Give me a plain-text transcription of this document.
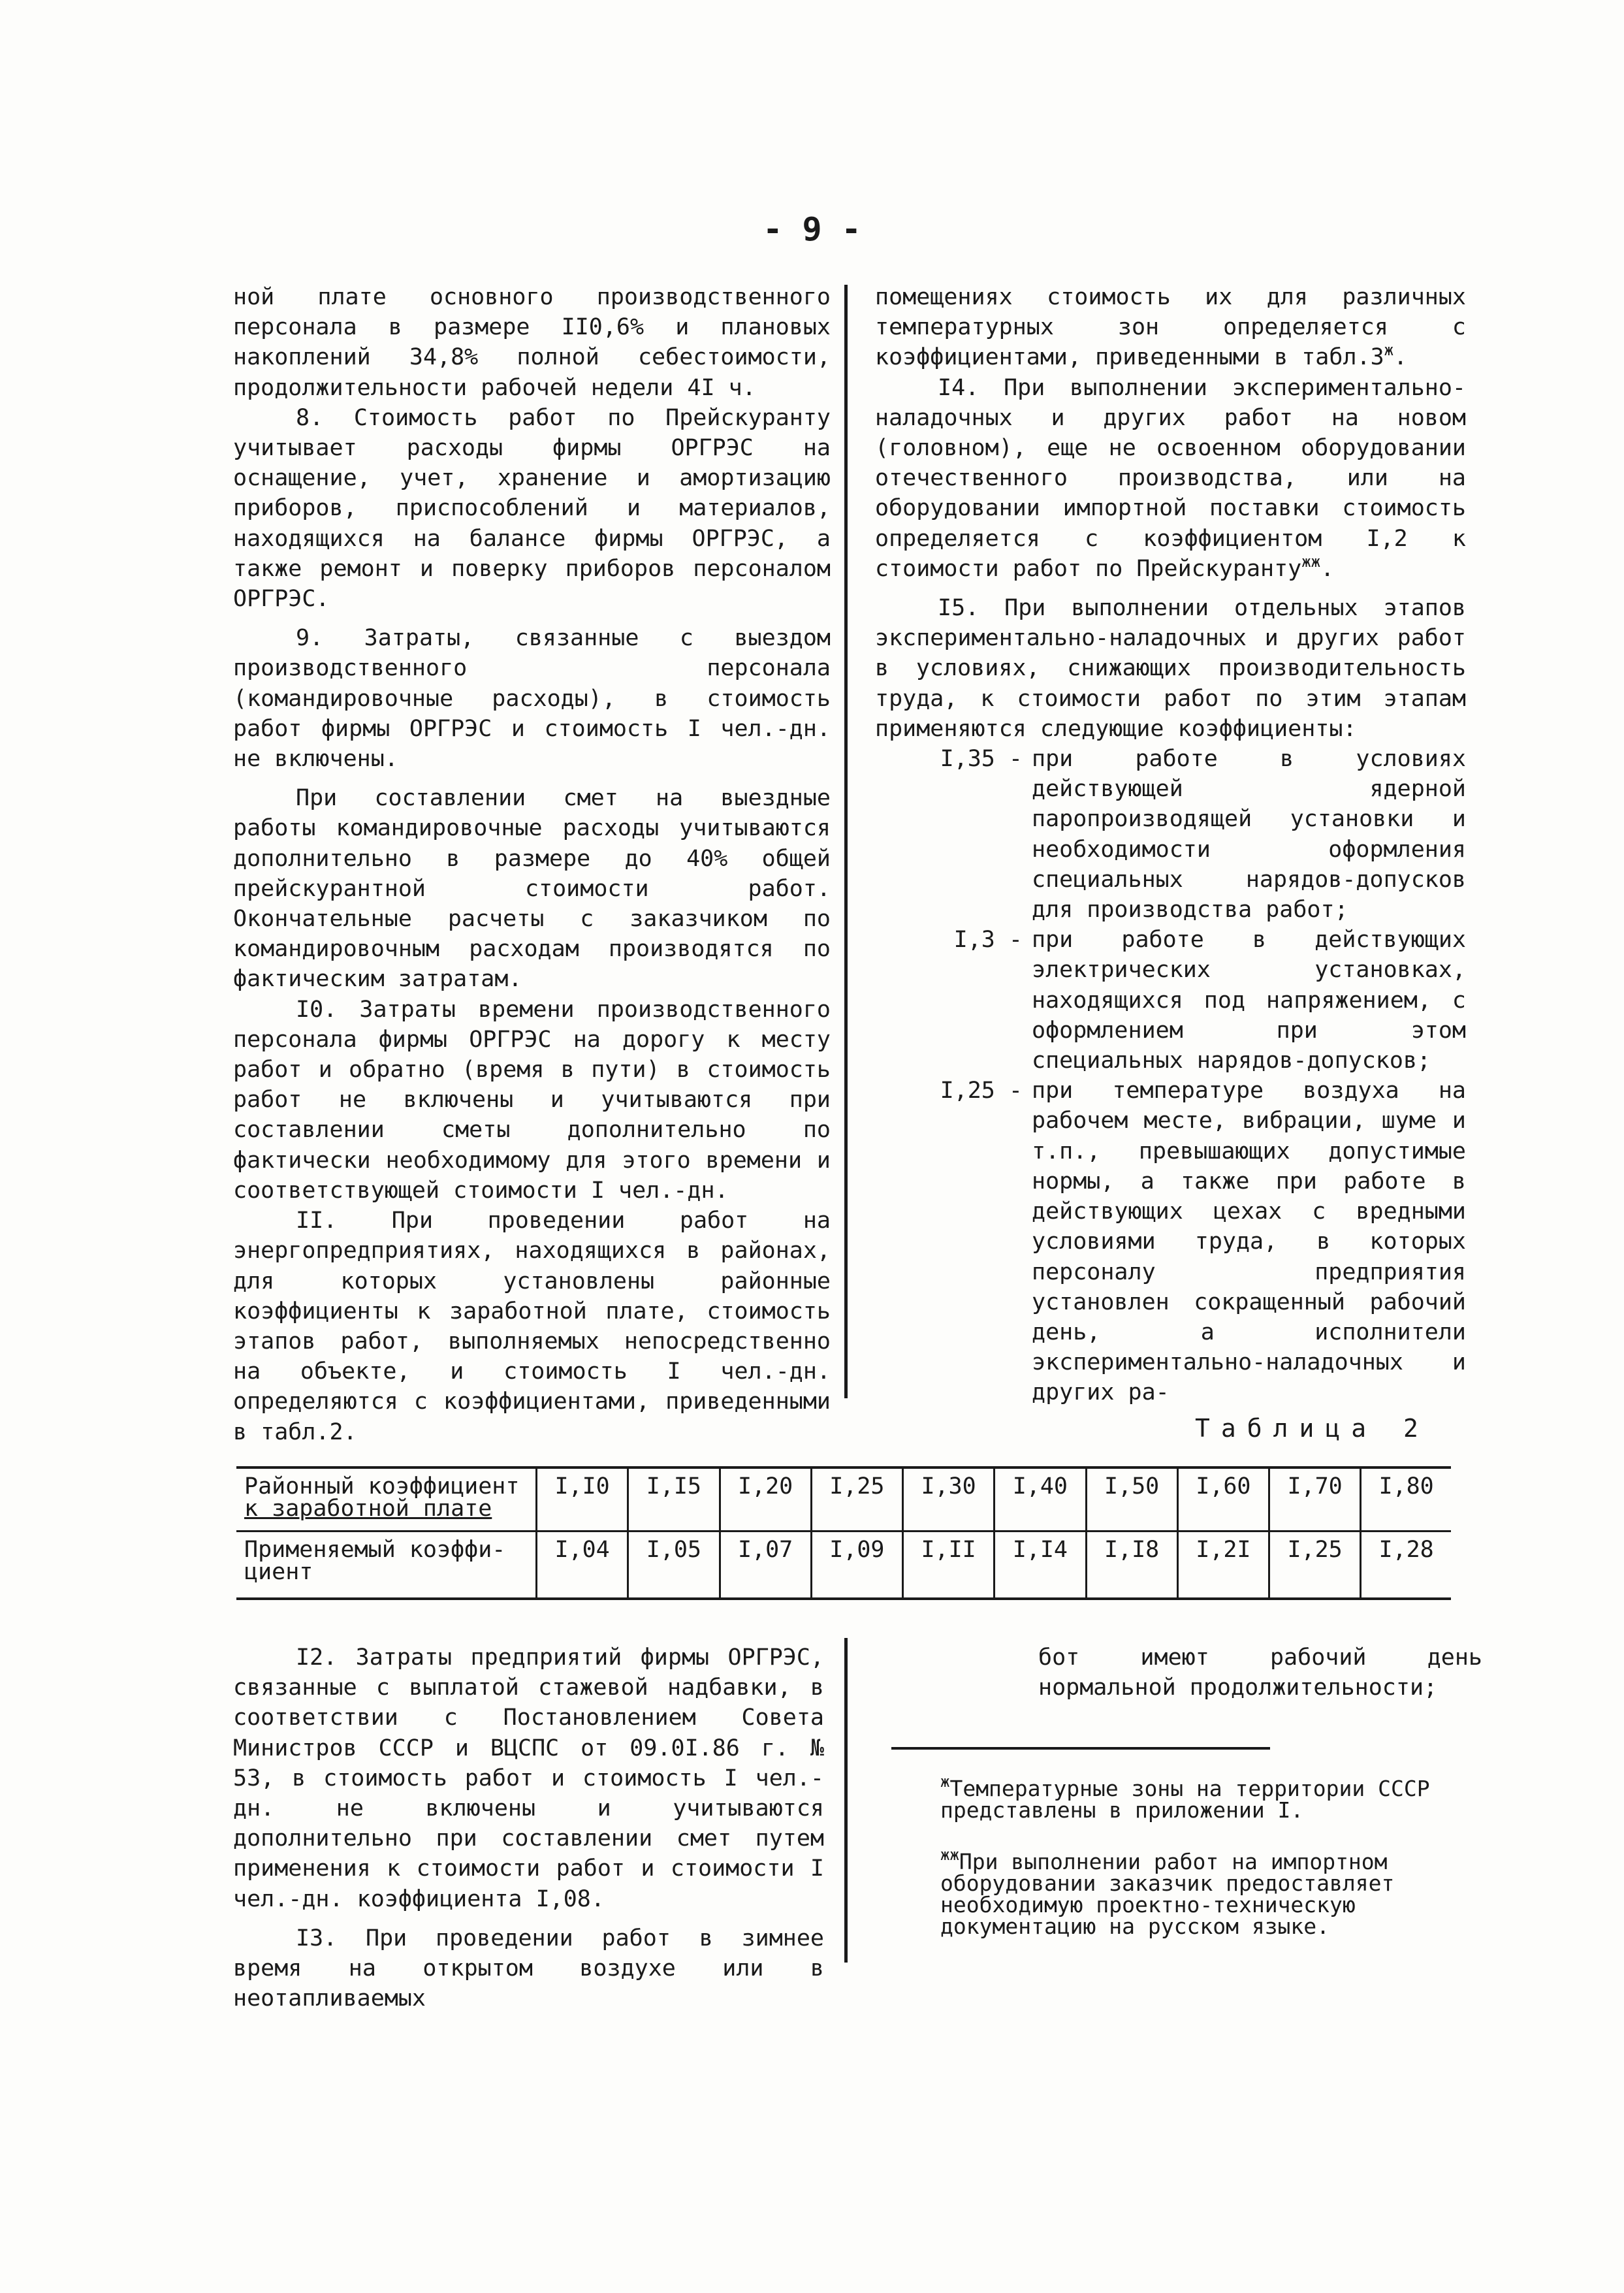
- 9 -

ной плате основного производственного персонала в размере II0,6% и плановых накоплений 34,8% полной себестоимости, продолжительности рабочей недели 4I ч.

8. Стоимость работ по Прейскуранту учитывает расходы фирмы ОРГРЭС на оснащение, учет, хранение и амортизацию приборов, приспособлений и материалов, находящихся на балансе фирмы ОРГРЭС, а также ремонт и поверку приборов персоналом ОРГРЭС.

9. Затраты, связанные с выездом производственного персонала (командировочные расходы), в стоимость работ фирмы ОРГРЭС и стоимость I чел.-дн. не включены.

При составлении смет на выездные работы командировочные расходы учитываются дополнительно в размере до 40% общей прейскурантной стоимости работ. Окончательные расчеты с заказчиком по командировочным расходам производятся по фактическим затратам.

I0. Затраты времени производственного персонала фирмы ОРГРЭС на дорогу к месту работ и обратно (время в пути) в стоимость работ не включены и учитываются при составлении сметы дополнительно по фактически необходимому для этого времени и соответствующей стоимости I чел.-дн.

II. При проведении работ на энергопредприятиях, находящихся в районах, для которых установлены районные коэффициенты к заработной плате, стоимость этапов работ, выполняемых непосредственно на объекте, и стоимость I чел.-дн. определяются с коэффициентами, приведенными в табл.2.

помещениях стоимость их для различных температурных зон определяется с коэффициентами, приведенными в $табл.3^ж$.

I4. При выполнении экспериментально-наладочных и других работ на новом (головном), еще не освоенном оборудовании отечественного производства, или на оборудовании импортной поставки стоимость определяется с коэффициентом I,2 к стоимости работ по Прейскуранту$^{жж}$.

I5. При выполнении отдельных этапов экспериментально-наладочных и других работ в условиях, снижающих производительность труда, к стоимости работ по этим этапам применяются следующие коэффициенты:

I,35 - при работе в условиях действующей ядерной паропроизводящей установки и необходимости оформления специальных нарядов-допусков для производства работ;
I,3 - при работе в действующих электрических установках, находящихся под напряжением, с оформлением при этом специальных нарядов-допусков;
I,25 - при температуре воздуха на рабочем месте, вибрации, шуме и т.п., превышающих допустимые нормы, а также при работе в действующих цехах с вредными условиями труда, в которых персоналу предприятия установлен сокращенный рабочий день, а исполнители экспериментально-наладочных и других ра-
Таблица 2
Районный коэффициент
к заработной плате	I,I0	I,I5	I,20	I,25	I,30	I,40	I,50	I,60	I,70	I,80

Применяемый коэффи-
циент	I,04	I,05	I,07	I,09	I,II	I,I4	I,I8	I,2I	I,25	I,28

I2. Затраты предприятий фирмы ОРГРЭС, связанные с выплатой стажевой надбавки, в соответствии с Постановлением Совета Министров СССР и ВЦСПС от 09.0I.86 г. № 53, в стоимость работ и стоимость I чел.-дн. не включены и учитываются дополнительно при составлении смет путем применения к стоимости работ и стоимости I чел.-дн. коэффициента I,08.

I3. При проведении работ в зимнее время на открытом воздухе или в неотапливаемых

бот имеют рабочий день нормальной продолжительности;

$^ж$Температурные зоны на территории СССР представлены в приложении I.

$^{жж}$При выполнении работ на импортном оборудовании заказчик предоставляет необходимую проектно-техническую документацию на русском языке.
